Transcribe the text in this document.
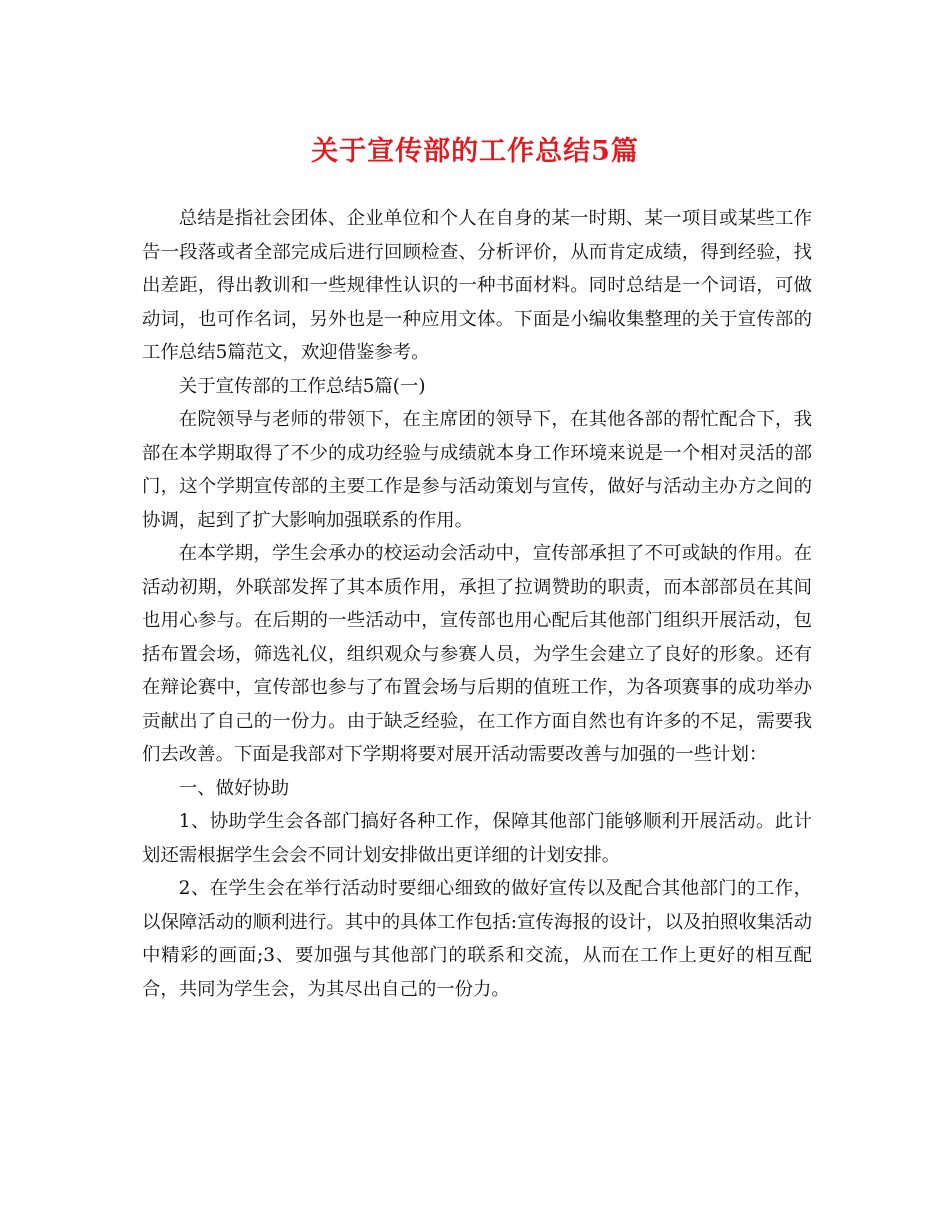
关于宣传部的工作总结5篇

总结是指社会团体、企业单位和个人在自身的某一时期、某一项目或某些工作告一段落或者全部完成后进行回顾检查、分析评价，从而肯定成绩，得到经验，找出差距，得出教训和一些规律性认识的一种书面材料。同时总结是一个词语，可做动词，也可作名词，另外也是一种应用文体。下面是小编收集整理的关于宣传部的工作总结5篇范文，欢迎借鉴参考。

关于宣传部的工作总结5篇(一)

在院领导与老师的带领下，在主席团的领导下，在其他各部的帮忙配合下，我部在本学期取得了不少的成功经验与成绩就本身工作环境来说是一个相对灵活的部门，这个学期宣传部的主要工作是参与活动策划与宣传，做好与活动主办方之间的协调，起到了扩大影响加强联系的作用。

在本学期，学生会承办的校运动会活动中，宣传部承担了不可或缺的作用。在活动初期，外联部发挥了其本质作用，承担了拉调赞助的职责，而本部部员在其间也用心参与。在后期的一些活动中，宣传部也用心配后其他部门组织开展活动，包括布置会场，筛选礼仪，组织观众与参赛人员，为学生会建立了良好的形象。还有在辩论赛中，宣传部也参与了布置会场与后期的值班工作，为各项赛事的成功举办贡献出了自己的一份力。由于缺乏经验，在工作方面自然也有许多的不足，需要我们去改善。下面是我部对下学期将要对展开活动需要改善与加强的一些计划：

一、做好协助

1、协助学生会各部门搞好各种工作，保障其他部门能够顺利开展活动。此计划还需根据学生会会不同计划安排做出更详细的计划安排。

2、在学生会在举行活动时要细心细致的做好宣传以及配合其他部门的工作，以保障活动的顺利进行。其中的具体工作包括:宣传海报的设计，以及拍照收集活动中精彩的画面;3、要加强与其他部门的联系和交流，从而在工作上更好的相互配合，共同为学生会，为其尽出自己的一份力。
